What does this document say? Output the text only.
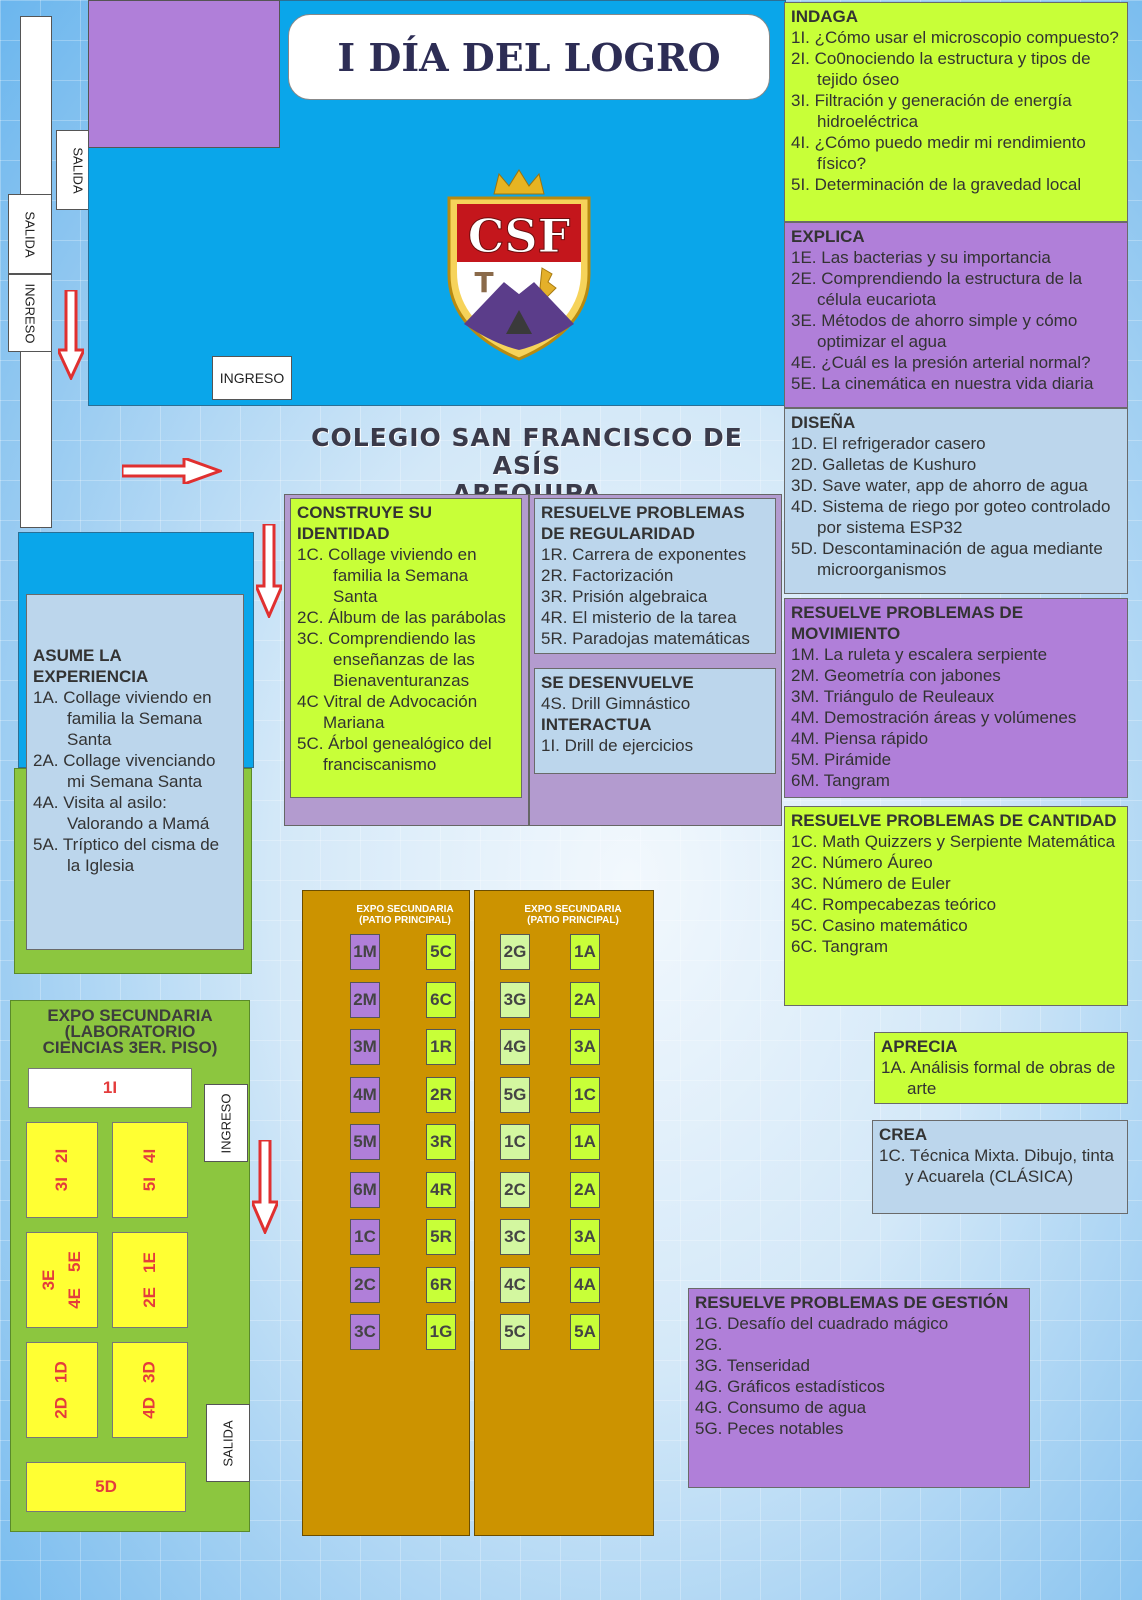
SALIDA
SALIDA
INGRESO
I DÍA DEL LOGRO
CSF
T
INGRESO
COLEGIO SAN FRANCISCO DE ASÍS
INDAGA
1I. ¿Cómo usar el microscopio compuesto?
2I. Co0nociendo la estructura y tipos de tejido óseo
3I. Filtración y generación de energía hidroeléctrica
4I. ¿Cómo puedo medir mi rendimiento físico?
5I. Determinación de la gravedad local
EXPLICA
1E. Las bacterias y su importancia
2E. Comprendiendo la estructura de la célula eucariota
3E. Métodos de ahorro simple y cómo optimizar el agua
4E. ¿Cuál es la presión arterial normal?
5E. La cinemática en nuestra vida diaria
DISEÑA
1D. El refrigerador casero
2D. Galletas de Kushuro
3D. Save water, app de ahorro de agua
4D. Sistema de riego por goteo controlado por sistema ESP32
5D. Descontaminación de agua mediante microorganismos
RESUELVE PROBLEMAS DE MOVIMIENTO
1M. La ruleta y escalera serpiente
2M. Geometría con jabones
3M. Triángulo de Reuleaux
4M. Demostración áreas y volúmenes
4M. Piensa rápido
5M. Pirámide
6M. Tangram
RESUELVE PROBLEMAS DE CANTIDAD
1C. Math Quizzers y Serpiente Matemática
2C. Número Áureo
3C. Número de Euler
4C. Rompecabezas teórico
5C. Casino matemático
6C. Tangram
APRECIA
1A. Análisis formal de obras de arte
CREA
1C. Técnica Mixta. Dibujo, tinta y Acuarela (CLÁSICA)
RESUELVE PROBLEMAS DE GESTIÓN
1G. Desafío del cuadrado mágico
2G.
3G. Tenseridad
4G. Gráficos estadísticos
4G. Consumo de agua
5G. Peces notables
CONSTRUYE SU IDENTIDAD
1C. Collage viviendo en familia la Semana Santa
2C. Álbum de las parábolas
3C. Comprendiendo las enseñanzas de las Bienaventuranzas
4C Vitral de Advocación Mariana
5C. Árbol genealógico del franciscanismo
RESUELVE PROBLEMAS DE REGULARIDAD
1R. Carrera de exponentes
2R. Factorización
3R. Prisión algebraica
4R. El misterio de la tarea
5R. Paradojas matemáticas
SE DESENVUELVE
4S. Drill Gimnástico
INTERACTUA
1I. Drill de ejercicios
ASUME LA EXPERIENCIA
1A. Collage viviendo en familia la Semana Santa
2A. Collage vivenciando mi Semana Santa
4A. Visita al asilo: Valorando a Mamá
5A. Tríptico del cisma de la Iglesia
EXPO SECUNDARIA
(PATIO PRINCIPAL)
EXPO SECUNDARIA
(PATIO PRINCIPAL)
1M
2M
3M
4M
5M
6M
1C
2C
3C
5C
6C
1R
2R
3R
4R
5R
6R
1G
2G
3G
4G
5G
1C
2C
3C
4C
5C
1A
2A
3A
1C
1A
2A
3A
4A
5A
EXPO SECUNDARIA
(LABORATORIO
CIENCIAS 3ER. PISO)
1I
INGRESO
3I
2I
5I
4I
3E
4E
5E
2E
1E
2D
1D
4D
3D
SALIDA
5D
